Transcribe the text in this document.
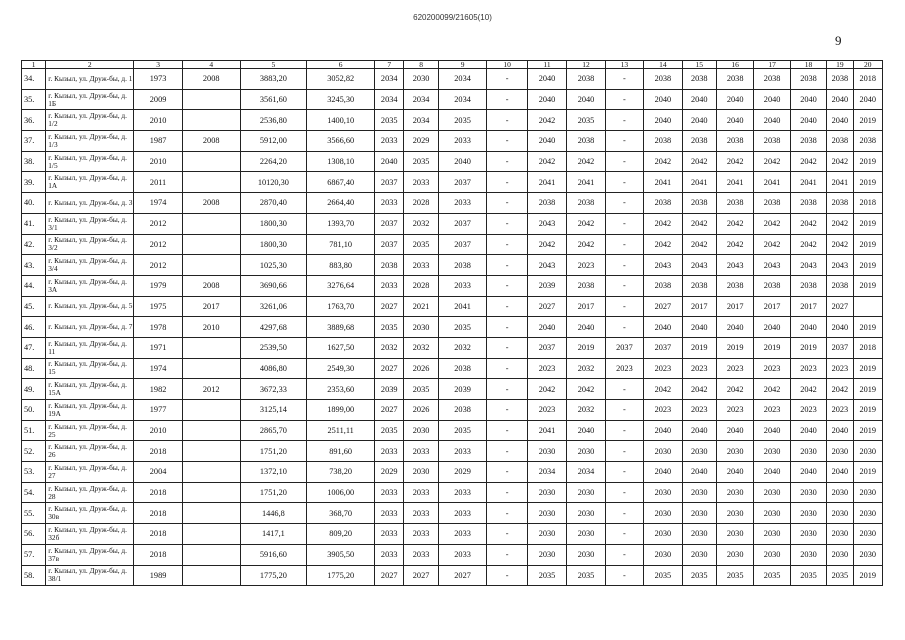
620200099/21605(10)
9
1	2	3	4	5	6	7	8	9	10	11	12	13	14	15	16	17	18	19	20
34.	г. Кызыл, ул. Друж-бы, д. 1	1973	2008	3883,20	3052,82	2034	2030	2034	-	2040	2038	-	2038	2038	2038	2038	2038	2038	2018
35.	г. Кызыл, ул. Друж-бы, д. 1Б	2009		3561,60	3245,30	2034	2034	2034	-	2040	2040	-	2040	2040	2040	2040	2040	2040	2040
36.	г. Кызыл, ул. Друж-бы, д. 1/2	2010		2536,80	1400,10	2035	2034	2035	-	2042	2035	-	2040	2040	2040	2040	2040	2040	2019
37.	г. Кызыл, ул. Друж-бы, д. 1/3	1987	2008	5912,00	3566,60	2033	2029	2033	-	2040	2038	-	2038	2038	2038	2038	2038	2038	2038
38.	г. Кызыл, ул. Друж-бы, д. 1/5	2010		2264,20	1308,10	2040	2035	2040	-	2042	2042	-	2042	2042	2042	2042	2042	2042	2019
39.	г. Кызыл, ул. Друж-бы, д. 1А	2011		10120,30	6867,40	2037	2033	2037	-	2041	2041	-	2041	2041	2041	2041	2041	2041	2019
40.	г. Кызыл, ул. Друж-бы, д. 3	1974	2008	2870,40	2664,40	2033	2028	2033	-	2038	2038	-	2038	2038	2038	2038	2038	2038	2018
41.	г. Кызыл, ул. Друж-бы, д. 3/1	2012		1800,30	1393,70	2037	2032	2037	-	2043	2042	-	2042	2042	2042	2042	2042	2042	2019
42.	г. Кызыл, ул. Друж-бы, д. 3/2	2012		1800,30	781,10	2037	2035	2037	-	2042	2042	-	2042	2042	2042	2042	2042	2042	2019
43.	г. Кызыл, ул. Друж-бы, д. 3/4	2012		1025,30	883,80	2038	2033	2038	-	2043	2023	-	2043	2043	2043	2043	2043	2043	2019
44.	г. Кызыл, ул. Друж-бы, д. 3А	1979	2008	3690,66	3276,64	2033	2028	2033	-	2039	2038	-	2038	2038	2038	2038	2038	2038	2019
45.	г. Кызыл, ул. Друж-бы, д. 5	1975	2017	3261,06	1763,70	2027	2021	2041	-	2027	2017	-	2027	2017	2017	2017	2017	2027	
46.	г. Кызыл, ул. Друж-бы, д. 7	1978	2010	4297,68	3889,68	2035	2030	2035	-	2040	2040	-	2040	2040	2040	2040	2040	2040	2019
47.	г. Кызыл, ул. Друж-бы, д. 11	1971		2539,50	1627,50	2032	2032	2032	-	2037	2019	2037	2037	2019	2019	2019	2019	2037	2018
48.	г. Кызыл, ул. Друж-бы, д. 15	1974		4086,80	2549,30	2027	2026	2038	-	2023	2032	2023	2023	2023	2023	2023	2023	2023	2019
49.	г. Кызыл, ул. Друж-бы, д. 15А	1982	2012	3672,33	2353,60	2039	2035	2039	-	2042	2042	-	2042	2042	2042	2042	2042	2042	2019
50.	г. Кызыл, ул. Друж-бы, д. 19А	1977		3125,14	1899,00	2027	2026	2038	-	2023	2032	-	2023	2023	2023	2023	2023	2023	2019
51.	г. Кызыл, ул. Друж-бы, д. 25	2010		2865,70	2511,11	2035	2030	2035	-	2041	2040	-	2040	2040	2040	2040	2040	2040	2019
52.	г. Кызыл, ул. Друж-бы, д. 26	2018		1751,20	891,60	2033	2033	2033	-	2030	2030	-	2030	2030	2030	2030	2030	2030	2030
53.	г. Кызыл, ул. Друж-бы, д. 27	2004		1372,10	738,20	2029	2030	2029	-	2034	2034	-	2040	2040	2040	2040	2040	2040	2019
54.	г. Кызыл, ул. Друж-бы, д. 28	2018		1751,20	1006,00	2033	2033	2033	-	2030	2030	-	2030	2030	2030	2030	2030	2030	2030
55.	г. Кызыл, ул. Друж-бы, д. 30в	2018		1446,8	368,70	2033	2033	2033	-	2030	2030	-	2030	2030	2030	2030	2030	2030	2030
56.	г. Кызыл, ул. Друж-бы, д. 32б	2018		1417,1	809,20	2033	2033	2033	-	2030	2030	-	2030	2030	2030	2030	2030	2030	2030
57.	г. Кызыл, ул. Друж-бы, д. 37в	2018		5916,60	3905,50	2033	2033	2033	-	2030	2030	-	2030	2030	2030	2030	2030	2030	2030
58.	г. Кызыл, ул. Друж-бы, д. 38/1	1989		1775,20	1775,20	2027	2027	2027	-	2035	2035	-	2035	2035	2035	2035	2035	2035	2019
